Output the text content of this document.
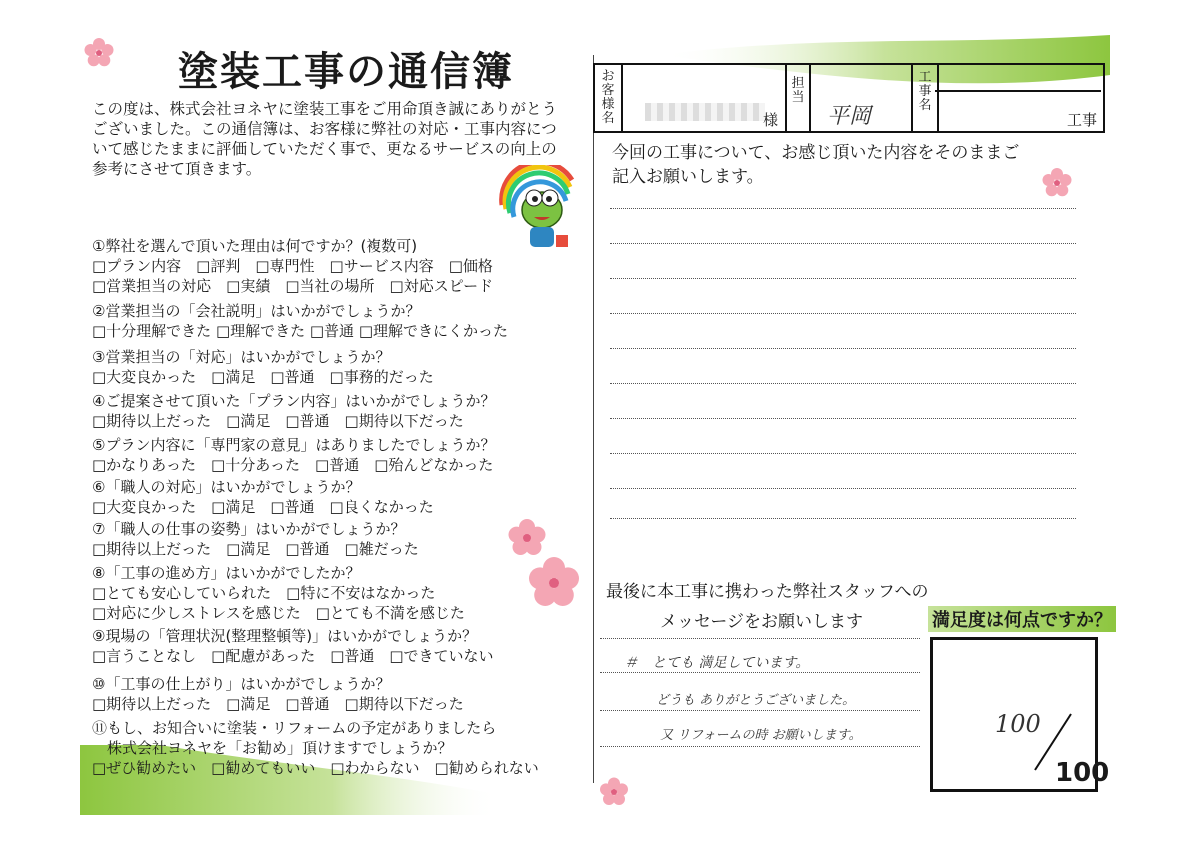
塗装工事の通信簿
この度は、株式会社ヨネヤに塗装工事をご用命頂き誠にありがとう
ございました。この通信簿は、お客様に弊社の対応・工事内容につ
いて感じたままに評価していただく事で、更なるサービスの向上の
参考にさせて頂きます。
①弊社を選んで頂いた理由は何ですか？(複数可)
□プラン内容　□評判　□専門性　□サービス内容　□価格
□営業担当の対応　□実績　□当社の場所　□対応スピード
②営業担当の「会社説明」はいかがでしょうか？
□十分理解できた □理解できた □普通 □理解できにくかった
③営業担当の「対応」はいかがでしょうか？
□大変良かった　□満足　□普通　□事務的だった
④ご提案させて頂いた「プラン内容」はいかがでしょうか？
□期待以上だった　□満足　□普通　□期待以下だった
⑤プラン内容に「専門家の意見」はありましたでしょうか？
□かなりあった　□十分あった　□普通　□殆んどなかった
⑥「職人の対応」はいかがでしょうか？
□大変良かった　□満足　□普通　□良くなかった
⑦「職人の仕事の姿勢」はいかがでしょうか？
□期待以上だった　□満足　□普通　□雑だった
⑧「工事の進め方」はいかがでしたか？
□とても安心していられた　□特に不安はなかった
□対応に少しストレスを感じた　□とても不満を感じた
⑨現場の「管理状況(整理整頓等)」はいかがでしょうか？
□言うことなし　□配慮があった　□普通　□できていない
⑩「工事の仕上がり」はいかがでしょうか？
□期待以上だった　□満足　□普通　□期待以下だった
⑪もし、お知合いに塗装・リフォームの予定がありましたら
　株式会社ヨネヤを「お勧め」頂けますでしょうか？
□ぜひ勧めたい　□勧めてもいい　□わからない　□勧められない
お客様名	様
担当
平岡
工事名
工事
今回の工事について、お感じ頂いた内容をそのままご
記入お願いします。
最後に本工事に携わった弊社スタッフへの
メッセージをお願いします
＃　とても 満足しています。
どうも ありがとうございました。
又 リフォームの時 お願いします。
満足度は何点ですか？
100
100
